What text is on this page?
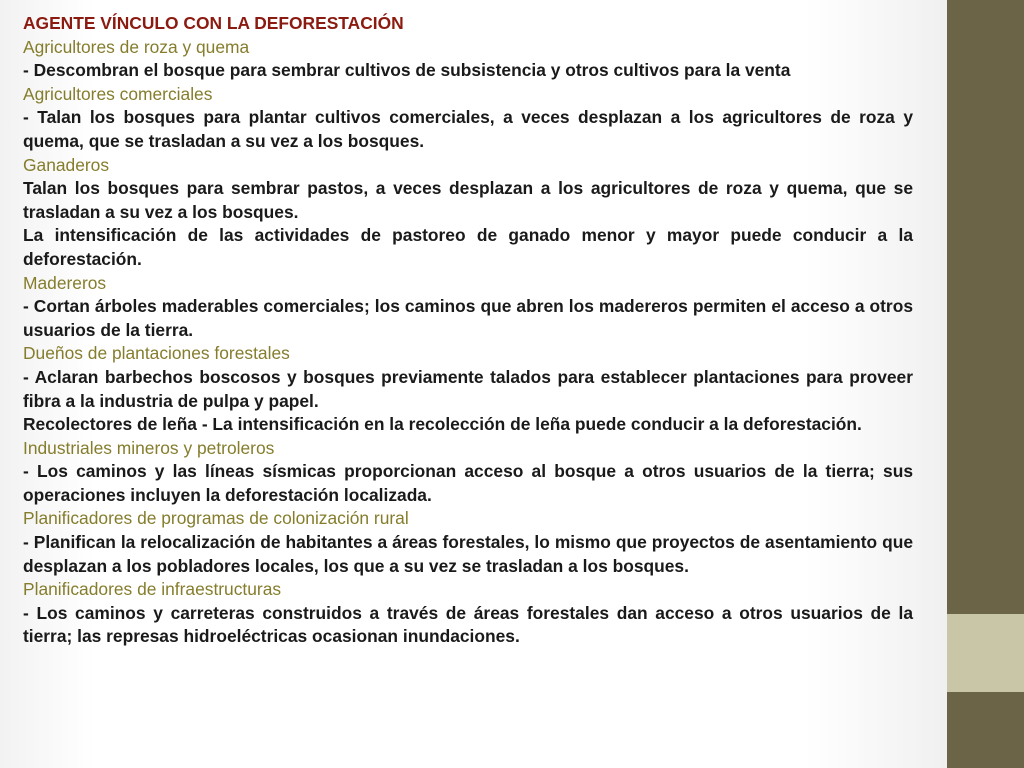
AGENTE VÍNCULO CON LA DEFORESTACIÓN

Agricultores de roza y quema

- Descombran el bosque para sembrar cultivos de subsistencia y otros cultivos para la venta

Agricultores comerciales

- Talan los bosques para plantar cultivos comerciales, a veces desplazan a los agricultores de roza y quema, que se trasladan a su vez a los bosques.

Ganaderos

Talan los bosques para sembrar pastos, a veces desplazan a los agricultores de roza y quema, que se trasladan a su vez a los bosques.

La intensificación de las actividades de pastoreo de ganado menor y mayor puede conducir a la deforestación.

Madereros

- Cortan árboles maderables comerciales; los caminos que abren los madereros permiten el acceso a otros usuarios de la tierra.

Dueños de plantaciones forestales

- Aclaran barbechos boscosos y bosques previamente talados para establecer plantaciones para proveer fibra a la industria de pulpa y papel.

Recolectores de leña - La intensificación en la recolección de leña puede conducir a la deforestación.

Industriales mineros y petroleros

- Los caminos y las líneas sísmicas proporcionan acceso al bosque a otros usuarios de la tierra; sus operaciones incluyen la deforestación localizada.

Planificadores de programas de colonización rural

- Planifican la relocalización de habitantes a áreas forestales, lo mismo que proyectos de asentamiento que desplazan a los pobladores locales, los que a su vez se trasladan a los bosques.

Planificadores de infraestructuras

- Los caminos y carreteras construidos a través de áreas forestales dan acceso a otros usuarios de la tierra; las represas hidroeléctricas ocasionan inundaciones.
